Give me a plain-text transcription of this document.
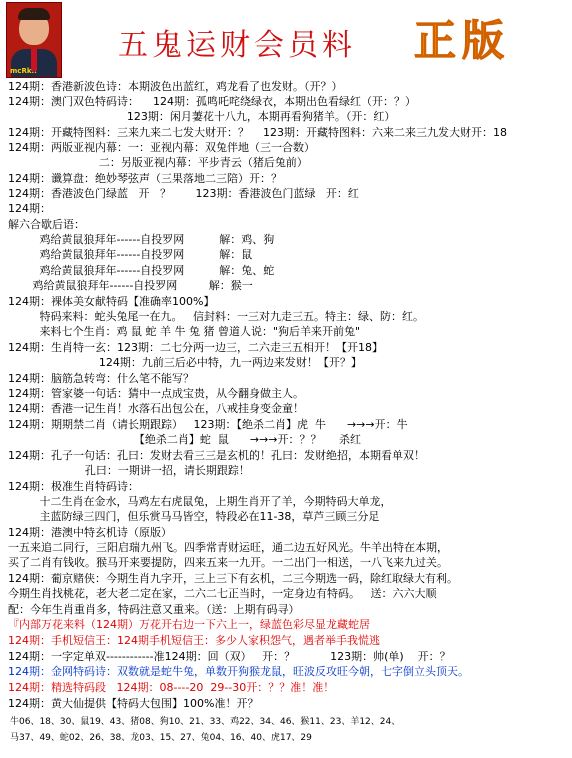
mcRk..
五鬼运财会员料 正版
124期：香港新波色诗：本期波色出蓝红，鸡龙看了也发财。（开？）
124期：澳门双色特码诗：    124期：孤鸣吒咤绕绿衣，本期出色看绿红（开：？）
123期：闲月萋花十八九，本期再看狗猪羊。（开：红）
124期：开藏特图料：三来九来二七发大财开：？    123期：开藏特图料：六来二来三九发大财开：18
124期：两版亚视内幕：一：亚视内幕：双兔伴地（三一合数）
二：另版亚视内幕：平步青云（猪后兔前）
124期：谶算盘：绝妙琴弦声（三果落地二三陪）开：？
124期：香港波色门绿蓝   开   ？       123期：香港波色门蓝绿   开：红
124期：
解六合歇后语：
鸡给黄鼠狼拜年------自投罗网          解：鸡、狗
鸡给黄鼠狼拜年------自投罗网          解：鼠
鸡给黄鼠狼拜年------自投罗网          解：兔、蛇
鸡给黄鼠狼拜年------自投罗网         解：猴一
124期：裸体美女献特码【准确率100%】
特码来料：蛇头兔尾一在九。   信封料：一三对九走三五。特主：绿、防：红。
来料七个生肖：鸡 鼠 蛇 羊 牛 兔 猪 曾道人说："狗后羊来开前兔"
124期：生肖特一玄：123期：二七分两一边三，二六走三五相开！【开18】
124期：九前三后必中特，九一两边来发财！【开？】
124期：脑筋急转弯：什么笔不能写？
124期：管家婆一句话：猜中一点成宝贵，从今翻身做主人。
124期：香港一记生肖！水落石出包公在，八戒挂身变金童！
124期：期期禁二肖（请长期跟踪）   123期：【绝杀二肖】虎  牛      →→→开：牛
【绝杀二肖】蛇  鼠      →→→开：？？     杀红
124期：孔子一句话：孔曰：发财去看三三是玄机的！孔曰：发财绝招，本期看单双！
孔曰：一期讲一招，请长期跟踪！
124期：极准生肖特码诗：
十二生肖在金水，马鸡左右虎鼠兔，上期生肖开了羊，今期特码大单龙，
主蓝防绿三四门，但乐赏马马皆空，特段必在11-38，草芦三顾三分足
124期：港澳中特玄机诗（原版）
一五来追二同行，三阳启瑞九州飞。四季常青财运旺，通二边五好风光。牛羊出特在本期，
买了二肖有钱收。猴马开来要提防，四来五来一九开。一二出门一相送，一八飞来九过关。
124期：葡京赌侠：今期生肖九字开，三上三下有玄机，二三今期选一码，除红取绿大有利。
今期生肖找桃花，老大老二定在家，二六二七正当时，一定身边有特码。   送：六六大顺
配：今年生肖重肖多，特码注意又重来。（送：上期有码寻）
『内部万花来料（124期）万花开右边一下六上一，绿蓝色彩尽显龙藏蛇居
124期：手机短信王：124期手机短信王：多少人家积怨气，遇者举手我慌逃
124期：一字定单双------------准124期：回（双）   开：？          123期：帅(单)    开：？
124期：金网特码诗：双数就是蛇牛兔，单数开狗猴龙鼠，旺波反攻旺今朝，七字倒立头顶天。
124期：精选特码段   124期：08----20  29--30开：？？准！准！
124期：黄大仙提供【特码大包围】100%准！开？
牛06、18、30、鼠19、43、猪08、狗10、21、33、鸡22、34、46、猴11、23、羊12、24、
马37、49、蛇02、26、38、龙03、15、27、兔04、16、40、虎17、29
